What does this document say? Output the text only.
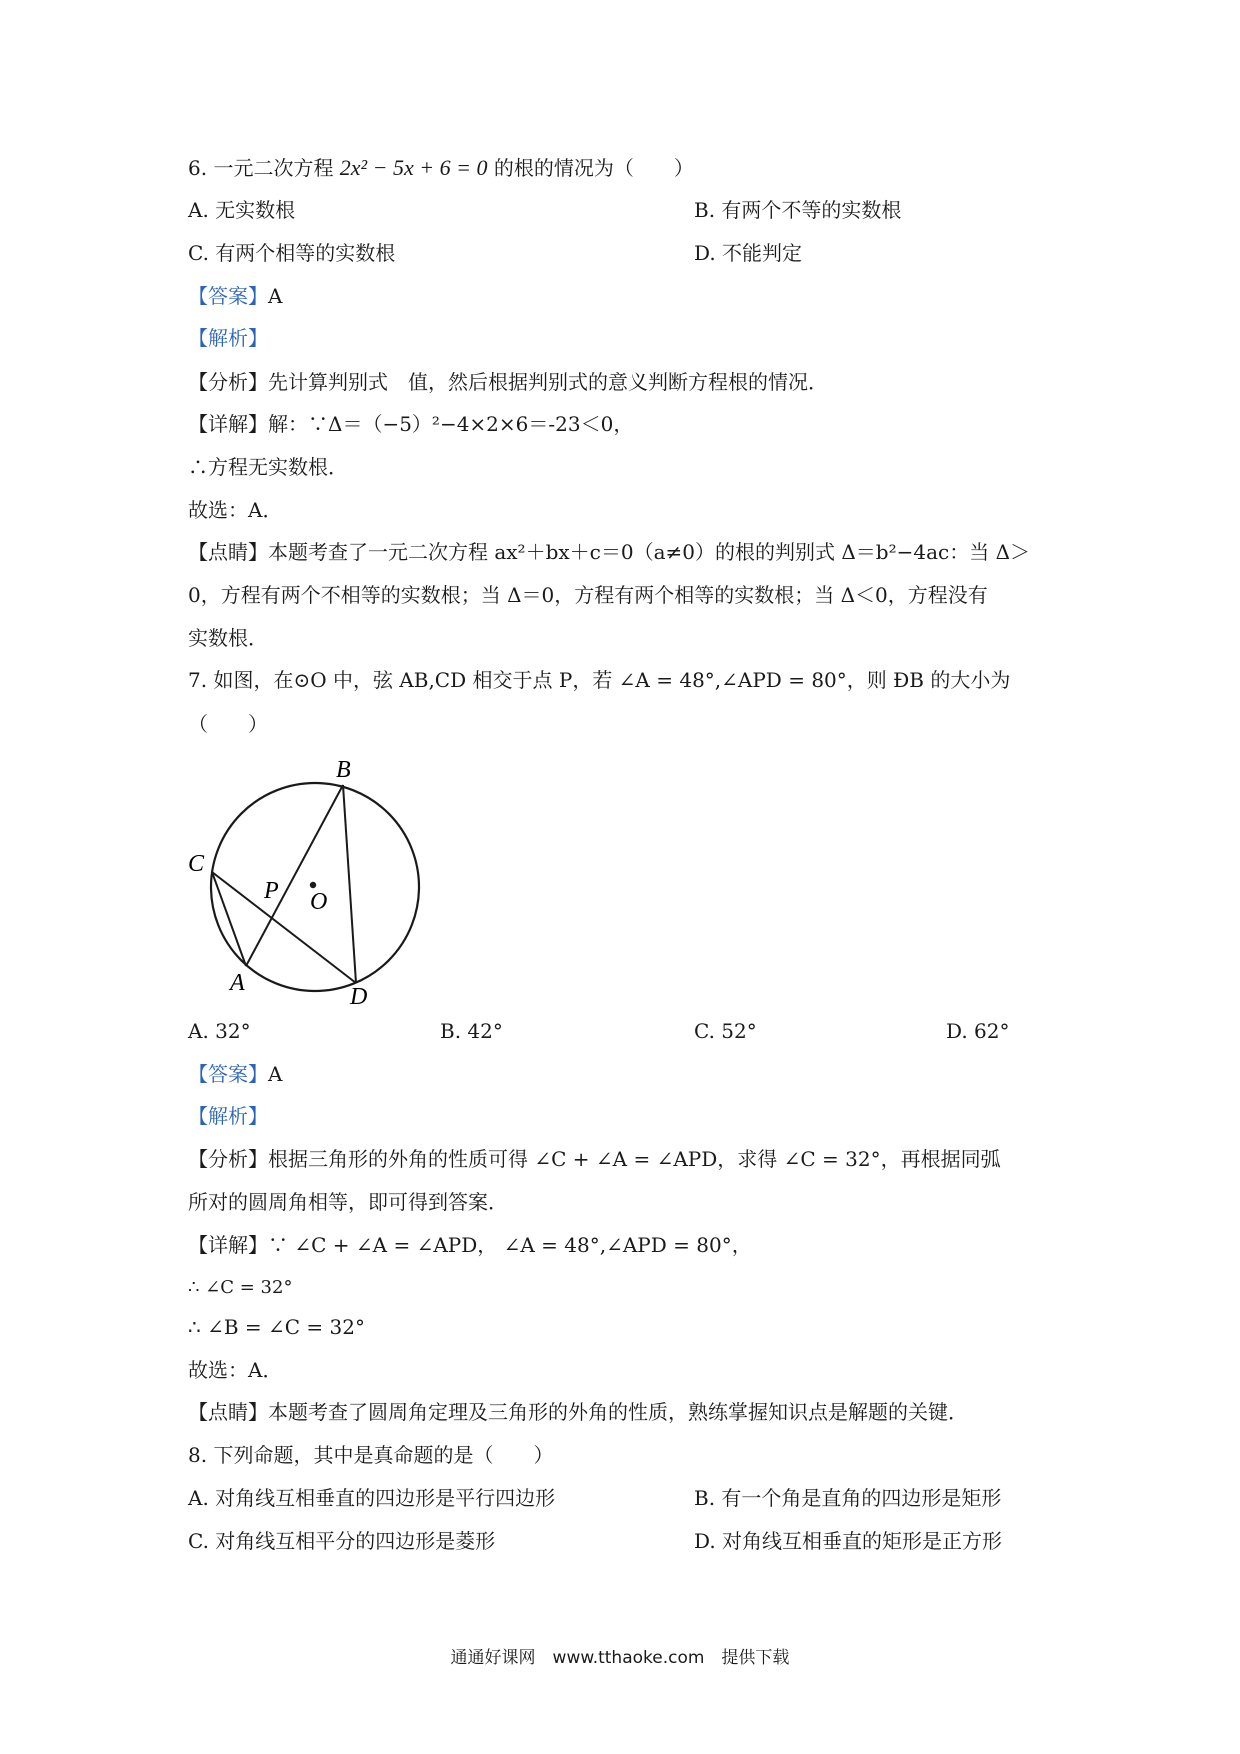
6. 一元二次方程 2x² − 5x + 6 = 0 的根的情况为（　　）
A. 无实数根	B. 有两个不等的实数根
C. 有两个相等的实数根	D. 不能判定
【答案】A
【解析】
【分析】先计算判别式　值，然后根据判别式的意义判断方程根的情况．
【详解】解：∵Δ＝（−5）²−4×2×6＝-23＜0，
∴方程无实数根．
故选：A．
【点睛】本题考查了一元二次方程 ax²＋bx＋c＝0（a≠0）的根的判别式 Δ＝b²−4ac：当 Δ＞
0，方程有两个不相等的实数根；当 Δ＝0，方程有两个相等的实数根；当 Δ＜0，方程没有
实数根．
7. 如图，在⊙O 中，弦 AB,CD 相交于点 P，若 ∠A = 48°,∠APD = 80°，则 ÐB 的大小为
（　　）
B
C
P O
A
D
A. 32°	B. 42°	C. 52°	D. 62°
【答案】A
【解析】
【分析】根据三角形的外角的性质可得 ∠C + ∠A = ∠APD，求得 ∠C = 32°，再根据同弧
所对的圆周角相等，即可得到答案．
【详解】∵ ∠C + ∠A = ∠APD， ∠A = 48°,∠APD = 80°，
∴ ∠C = 32°
∴ ∠B = ∠C = 32°
故选：A．
【点睛】本题考查了圆周角定理及三角形的外角的性质，熟练掌握知识点是解题的关键．
8. 下列命题，其中是真命题的是（　　）
A. 对角线互相垂直的四边形是平行四边形	B. 有一个角是直角的四边形是矩形
C. 对角线互相平分的四边形是菱形	D. 对角线互相垂直的矩形是正方形
通通好课网　www.tthaoke.com　提供下载
